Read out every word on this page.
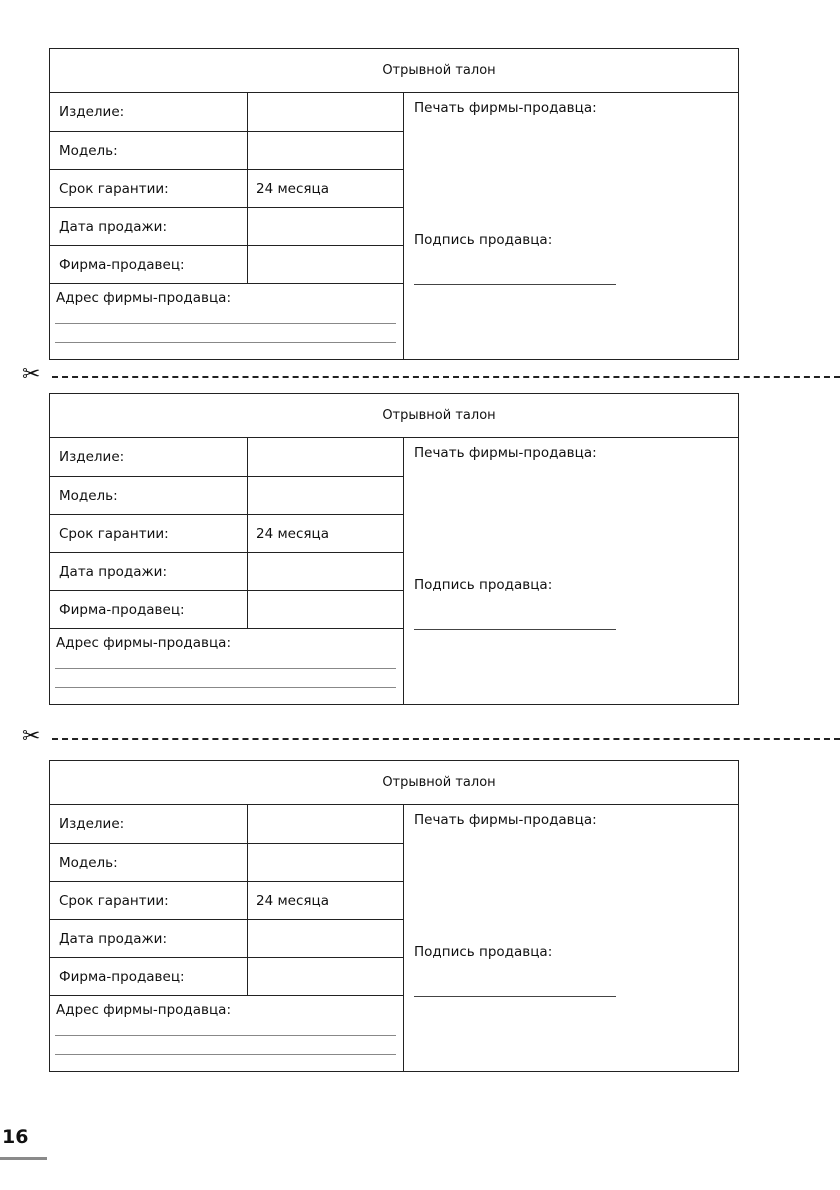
Отрывной талон
Изделие:
Модель:
Срок гарантии:	24 месяца
Дата продажи:
Фирма-продавец:
Адрес фирмы-продавца:
Печать фирмы-продавца:
Подпись продавца:
✂
Отрывной талон
Изделие:
Модель:
Срок гарантии:	24 месяца
Дата продажи:
Фирма-продавец:
Адрес фирмы-продавца:
Печать фирмы-продавца:
Подпись продавца:
✂
Отрывной талон
Изделие:
Модель:
Срок гарантии:	24 месяца
Дата продажи:
Фирма-продавец:
Адрес фирмы-продавца:
Печать фирмы-продавца:
Подпись продавца:
16
